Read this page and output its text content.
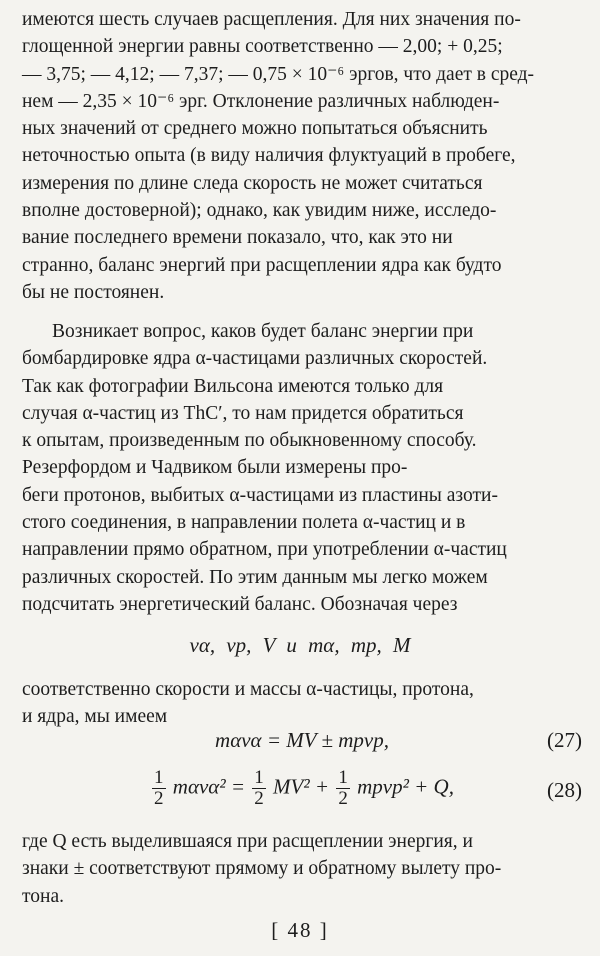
имеются шесть случаев расщепления. Для них значения по-
глощенной энергии равны соответственно — 2,00; + 0,25;
— 3,75; — 4,12; — 7,37; — 0,75 × 10⁻⁶ эргов, что дает в сред-
нем — 2,35 × 10⁻⁶ эрг. Отклонение различных наблюден-
ных значений от среднего можно попытаться объяснить
неточностью опыта (в виду наличия флуктуаций в пробеге,
измерения по длине следа скорость не может считаться
вполне достоверной); однако, как увидим ниже, исследо-
вание последнего времени показало, что, как это ни
странно, баланс энергий при расщеплении ядра как будто
бы не постоянен.

Возникает вопрос, каков будет баланс энергии при
бомбардировке ядра α-частицами различных скоростей.
Так как фотографии Вильсона имеются только для
случая α-частиц из ThC′, то нам придется обратиться
к опытам, произведенным по обыкновенному способу.
Резерфордом и Чадвиком были измерены про-
беги протонов, выбитых α-частицами из пластины азоти-
стого соединения, в направлении полета α-частиц и в
направлении прямо обратном, при употреблении α-частиц
различных скоростей. По этим данным мы легко можем
подсчитать энергетический баланс. Обозначая через

vα, vp, V и mα, mp, M

соответственно скорости и массы α-частицы, протона,
и ядра, мы имеем

mαvα = MV ± mpvp,	(27)
$\frac{1}{2} m\alpha v\alpha^2 = \frac{1}{2} MV^2 + \frac{1}{2}$ mpvp² + Q,	(28)

где Q есть выделившаяся при расщеплении энергия, и
знаки ± соответствуют прямому и обратному вылету про-
тона.

[ 48 ]
